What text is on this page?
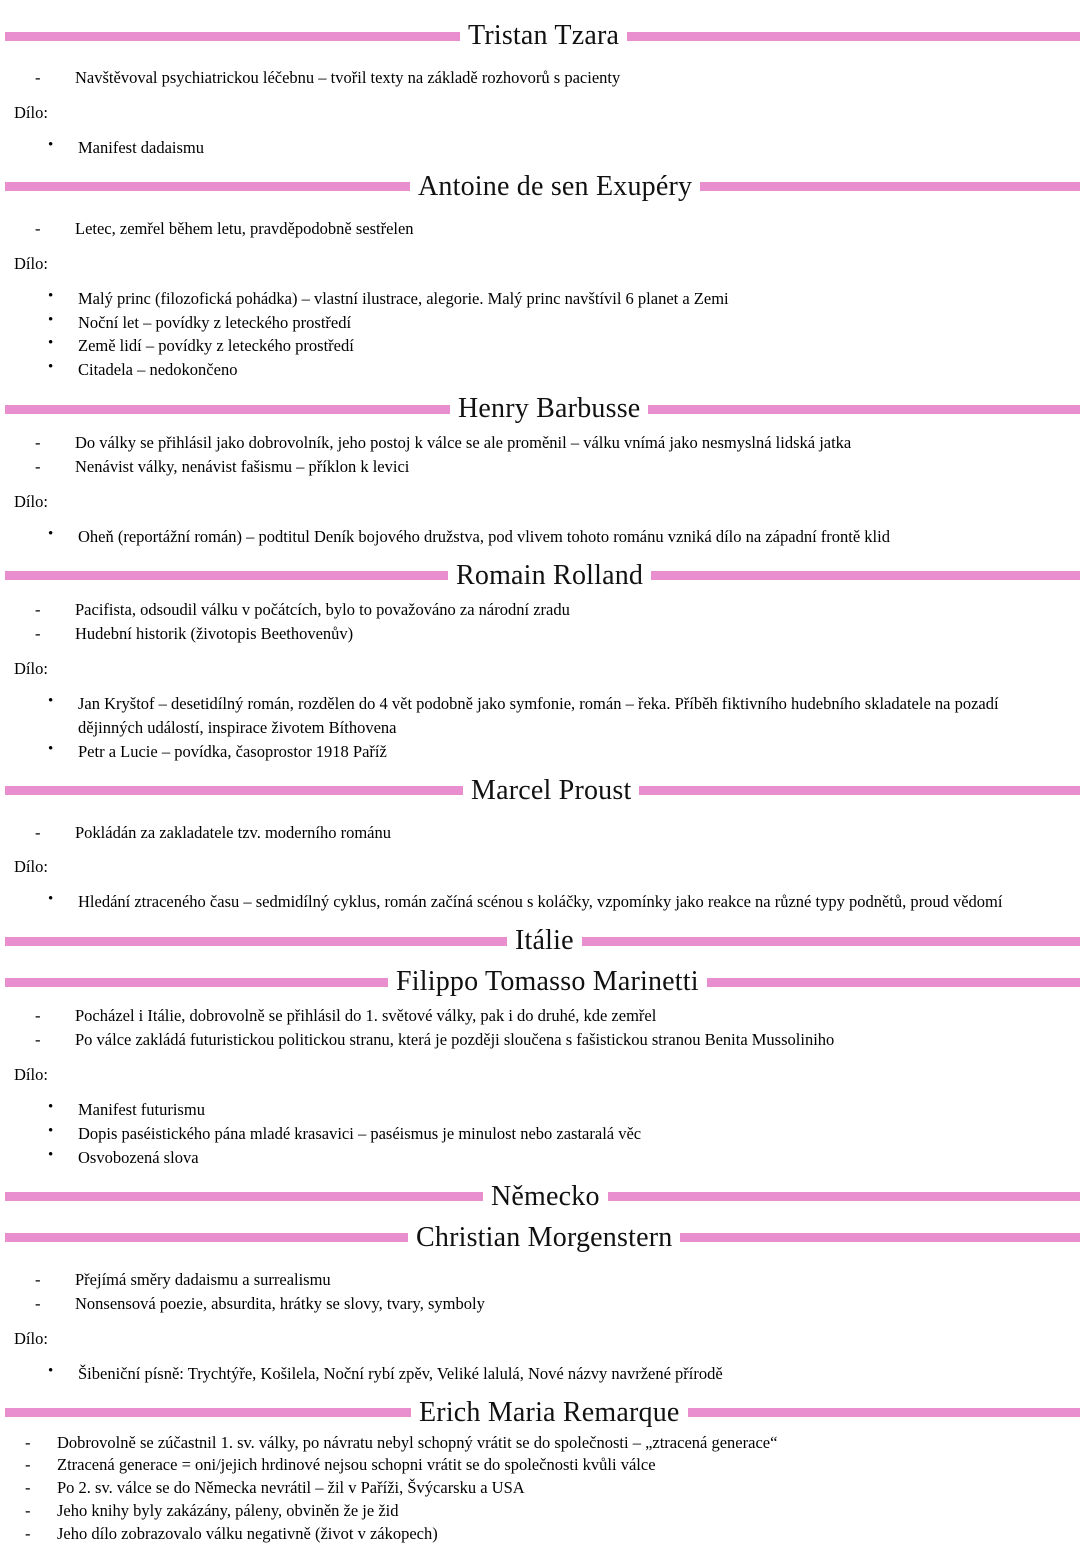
Tristan Tzara

- Navštěvoval psychiatrickou léčebnu – tvořil texty na základě rozhovorů s pacienty

Dílo:

• Manifest dadaismu

Antoine de sen Exupéry

- Letec, zemřel během letu, pravděpodobně sestřelen

Dílo:

• Malý princ (filozofická pohádka) – vlastní ilustrace, alegorie. Malý princ navštívil 6 planet a Zemi

• Noční let – povídky z leteckého prostředí

• Země lidí – povídky z leteckého prostředí

• Citadela – nedokončeno

Henry Barbusse

- Do války se přihlásil jako dobrovolník, jeho postoj k válce se ale proměnil – válku vnímá jako nesmyslná lidská jatka

- Nenávist války, nenávist fašismu – příklon k levici

Dílo:

• Oheň (reportážní román) – podtitul Deník bojového družstva, pod vlivem tohoto románu vzniká dílo na západní frontě klid

Romain Rolland

- Pacifista, odsoudil válku v počátcích, bylo to považováno za národní zradu

- Hudební historik (životopis Beethovenův)

Dílo:

• Jan Kryštof – desetidílný román, rozdělen do 4 vět podobně jako symfonie, román – řeka. Příběh fiktivního hudebního skladatele na pozadí dějinných událostí, inspirace životem Bíthovena

• Petr a Lucie – povídka, časoprostor 1918 Paříž

Marcel Proust

- Pokládán za zakladatele tzv. moderního románu

Dílo:

• Hledání ztraceného času – sedmidílný cyklus, román začíná scénou s koláčky, vzpomínky jako reakce na různé typy podnětů, proud vědomí

Itálie
Filippo Tomasso Marinetti

- Pocházel i Itálie, dobrovolně se přihlásil do 1. světové války, pak i do druhé, kde zemřel

- Po válce zakládá futuristickou politickou stranu, která je později sloučena s fašistickou stranou Benita Mussoliniho

Dílo:

• Manifest futurismu

• Dopis paséistického pána mladé krasavici – paséismus je minulost nebo zastaralá věc

• Osvobozená slova

Německo
Christian Morgenstern

- Přejímá směry dadaismu a surrealismu

- Nonsensová poezie, absurdita, hrátky se slovy, tvary, symboly

Dílo:

• Šibeniční písně: Trychtýře, Košilela, Noční rybí zpěv, Veliké lalulá, Nové názvy navržené přírodě

Erich Maria Remarque

- Dobrovolně se zúčastnil 1. sv. války, po návratu nebyl schopný vrátit se do společnosti – „ztracená generace“

- Ztracená generace = oni/jejich hrdinové nejsou schopni vrátit se do společnosti kvůli válce

- Po 2. sv. válce se do Německa nevrátil – žil v Paříži, Švýcarsku a USA

- Jeho knihy byly zakázány, páleny, obviněn že je žid

- Jeho dílo zobrazovalo válku negativně (život v zákopech)
